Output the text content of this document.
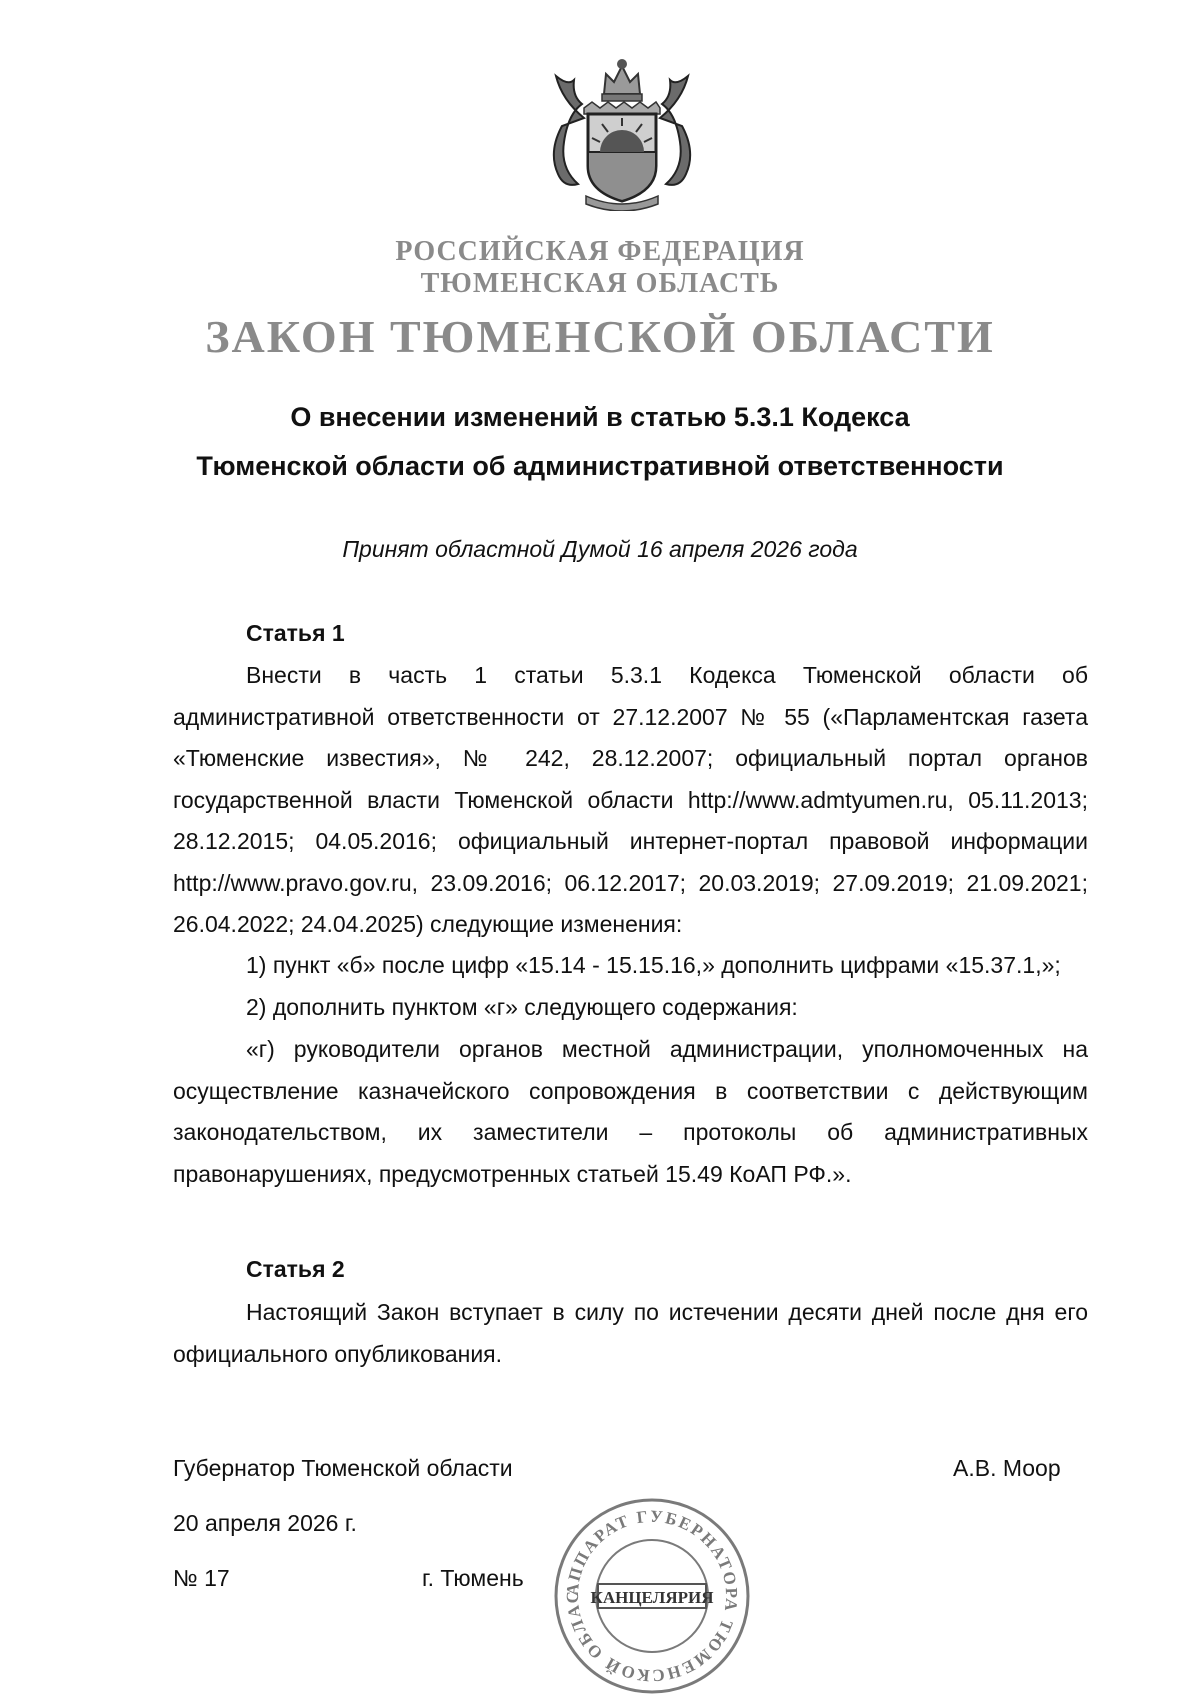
РОССИЙСКАЯ ФЕДЕРАЦИЯ
ТЮМЕНСКАЯ ОБЛАСТЬ
ЗАКОН ТЮМЕНСКОЙ ОБЛАСТИ
О внесении изменений в статью 5.3.1 Кодекса
Тюменской области об административной ответственности
Принят областной Думой 16 апреля 2026 года
Статья 1

Внести в часть 1 статьи 5.3.1 Кодекса Тюменской области об административной ответственности от 27.12.2007 № 55 («Парламентская газета «Тюменские известия», № 242, 28.12.2007; официальный портал органов государственной власти Тюменской области http://www.admtyumen.ru, 05.11.2013; 28.12.2015; 04.05.2016; официальный интернет-портал правовой информации http://www.pravo.gov.ru, 23.09.2016; 06.12.2017; 20.03.2019; 27.09.2019; 21.09.2021; 26.04.2022; 24.04.2025) следующие изменения:

1) пункт «б» после цифр «15.14 - 15.15.16,» дополнить цифрами «15.37.1,»;

2) дополнить пунктом «г» следующего содержания:

«г) руководители органов местной администрации, уполномоченных на осуществление казначейского сопровождения в соответствии с действующим законодательством, их заместители – протоколы об административных правонарушениях, предусмотренных статьей 15.49 КоАП РФ.».

Статья 2

Настоящий Закон вступает в силу по истечении десяти дней после дня его официального опубликования.

Губернатор Тюменской области	А.В. Моор
20 апреля 2026 г.
№ 17	г. Тюмень	АППАРАТ ГУБЕРНАТОРА ТЮМЕНСКОЙ ОБЛАС КАНЦЕЛЯРИЯ
